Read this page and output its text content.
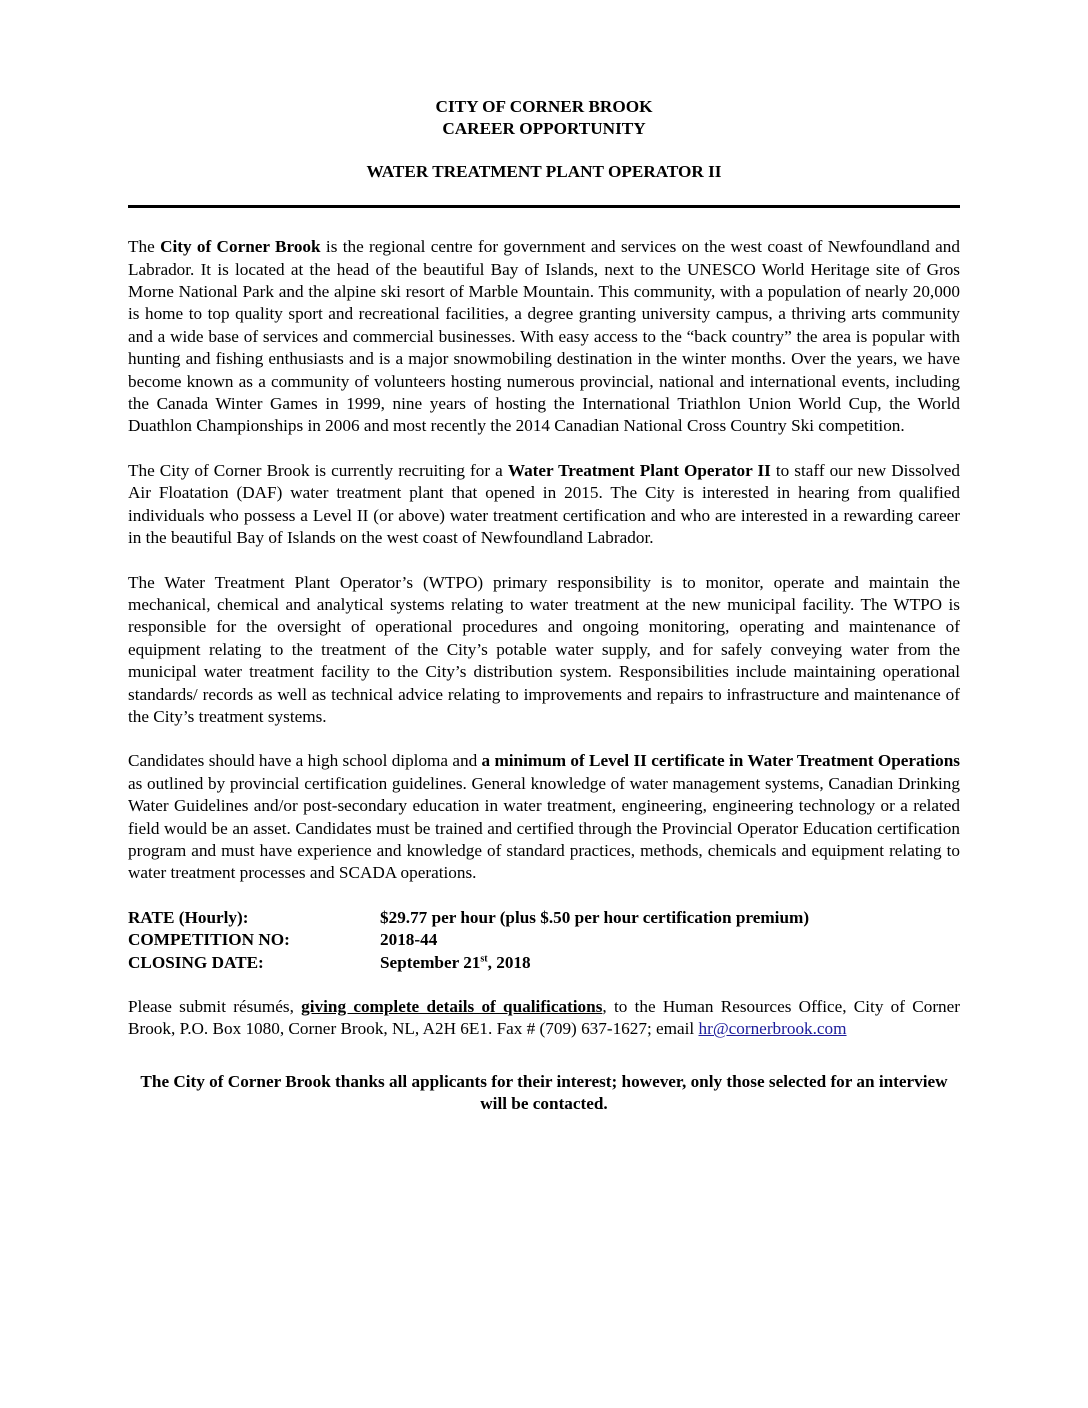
CITY OF CORNER BROOK
CAREER OPPORTUNITY
WATER TREATMENT PLANT OPERATOR II

The City of Corner Brook is the regional centre for government and services on the west coast of Newfoundland and Labrador. It is located at the head of the beautiful Bay of Islands, next to the UNESCO World Heritage site of Gros Morne National Park and the alpine ski resort of Marble Mountain. This community, with a population of nearly 20,000 is home to top quality sport and recreational facilities, a degree granting university campus, a thriving arts community and a wide base of services and commercial businesses. With easy access to the “back country” the area is popular with hunting and fishing enthusiasts and is a major snowmobiling destination in the winter months. Over the years, we have become known as a community of volunteers hosting numerous provincial, national and international events, including the Canada Winter Games in 1999, nine years of hosting the International Triathlon Union World Cup, the World Duathlon Championships in 2006 and most recently the 2014 Canadian National Cross Country Ski competition.

The City of Corner Brook is currently recruiting for a Water Treatment Plant Operator II to staff our new Dissolved Air Floatation (DAF) water treatment plant that opened in 2015. The City is interested in hearing from qualified individuals who possess a Level II (or above) water treatment certification and who are interested in a rewarding career in the beautiful Bay of Islands on the west coast of Newfoundland Labrador.

The Water Treatment Plant Operator’s (WTPO) primary responsibility is to monitor, operate and maintain the mechanical, chemical and analytical systems relating to water treatment at the new municipal facility. The WTPO is responsible for the oversight of operational procedures and ongoing monitoring, operating and maintenance of equipment relating to the treatment of the City’s potable water supply, and for safely conveying water from the municipal water treatment facility to the City’s distribution system. Responsibilities include maintaining operational standards/ records as well as technical advice relating to improvements and repairs to infrastructure and maintenance of the City’s treatment systems.

Candidates should have a high school diploma and a minimum of Level II certificate in Water Treatment Operations as outlined by provincial certification guidelines. General knowledge of water management systems, Canadian Drinking Water Guidelines and/or post-secondary education in water treatment, engineering, engineering technology or a related field would be an asset. Candidates must be trained and certified through the Provincial Operator Education certification program and must have experience and knowledge of standard practices, methods, chemicals and equipment relating to water treatment processes and SCADA operations.

RATE (Hourly):	$29.77 per hour (plus $.50 per hour certification premium)
COMPETITION NO:	2018-44
CLOSING DATE:	September 21st, 2018

Please submit résumés, giving complete details of qualifications, to the Human Resources Office, City of Corner Brook, P.O. Box 1080, Corner Brook, NL, A2H 6E1. Fax # (709) 637-1627; email hr@cornerbrook.com

The City of Corner Brook thanks all applicants for their interest; however, only those selected for an interview will be contacted.
